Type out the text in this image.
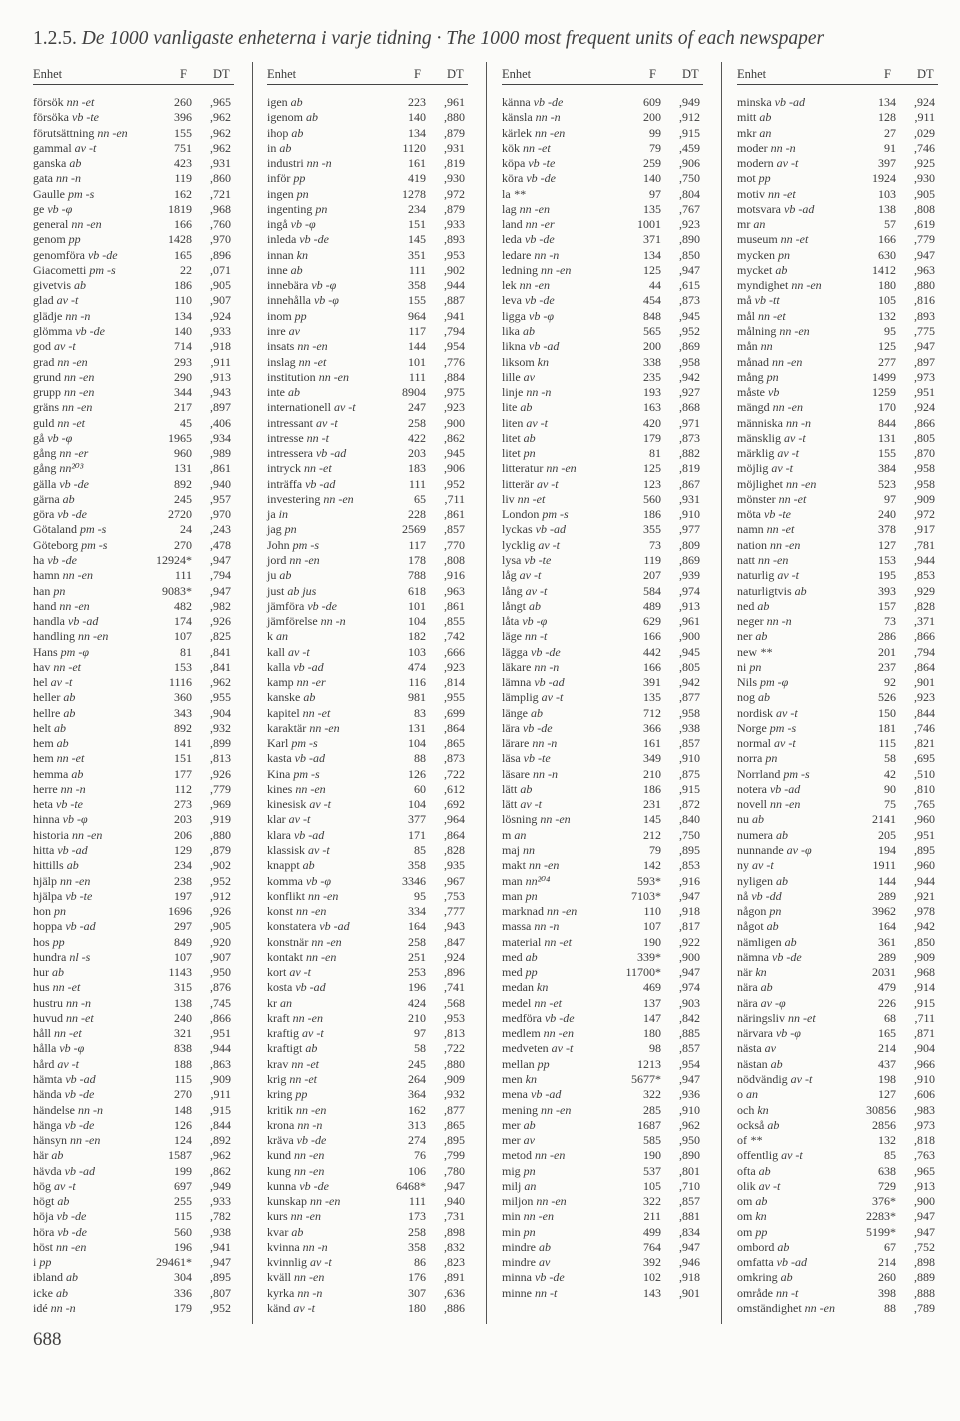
1.2.5. De 1000 vanligaste enheterna i varje tidning · The 1000 most frequent units of each newspaper
Enhet	F DT
försök nn -et	260 ,965
försöka vb -te	396 ,962
förutsättning nn -en	155 ,962
gammal av -t	751 ,962
ganska ab	423 ,931
gata nn -n	119 ,860
Gaulle pm -s	162 ,721
ge vb -φ	1819 ,968
general nn -en	166 ,760
genom pp	1428 ,970
genomföra vb -de	165 ,896
Giacometti pm -s	22 ,071
givetvis ab	186 ,905
glad av -t	110 ,907
glädje nn -n	134 ,924
glömma vb -de	140 ,933
god av -t	714 ,918
grad nn -en	293 ,911
grund nn -en	290 ,913
grupp nn -en	344 ,943
gräns nn -en	217 ,897
guld nn -et	45 ,406
gå vb -φ	1965 ,934
gång nn -er	960 ,989
gång nn²⁰³	131 ,861
gälla vb -de	892 ,940
gärna ab	245 ,957
göra vb -de	2720 ,970
Götaland pm -s	24 ,243
Göteborg pm -s	270 ,478
ha vb -de	12924* ,947
hamn nn -en	111 ,794
han pn	9083* ,947
hand nn -en	482 ,982
handla vb -ad	174 ,926
handling nn -en	107 ,825
Hans pm -φ	81 ,841
hav nn -et	153 ,841
hel av -t	1116 ,962
heller ab	360 ,955
hellre ab	343 ,904
helt ab	892 ,932
hem ab	141 ,899
hem nn -et	151 ,813
hemma ab	177 ,926
herre nn -n	112 ,779
heta vb -te	273 ,969
hinna vb -φ	203 ,919
historia nn -en	206 ,880
hitta vb -ad	129 ,879
hittills ab	234 ,902
hjälp nn -en	238 ,952
hjälpa vb -te	197 ,912
hon pn	1696 ,926
hoppa vb -ad	297 ,905
hos pp	849 ,920
hundra nl -s	107 ,907
hur ab	1143 ,950
hus nn -et	315 ,876
hustru nn -n	138 ,745
huvud nn -et	240 ,866
håll nn -et	321 ,951
hålla vb -φ	838 ,944
hård av -t	188 ,863
hämta vb -ad	115 ,909
hända vb -de	270 ,911
händelse nn -n	148 ,915
hänga vb -de	126 ,844
hänsyn nn -en	124 ,892
här ab	1587 ,962
hävda vb -ad	199 ,862
hög av -t	697 ,949
högt ab	255 ,933
höja vb -de	115 ,782
höra vb -de	560 ,938
höst nn -en	196 ,941
i pp	29461* ,947
ibland ab	304 ,895
icke ab	336 ,807
idé nn -n	179 ,952
Enhet	F DT
igen ab	223 ,961
igenom ab	140 ,880
ihop ab	134 ,879
in ab	1120 ,931
industri nn -n	161 ,819
inför pp	419 ,930
ingen pn	1278 ,972
ingenting pn	234 ,879
ingå vb -φ	151 ,933
inleda vb -de	145 ,893
innan kn	351 ,953
inne ab	111 ,902
innebära vb -φ	358 ,944
innehålla vb -φ	155 ,887
inom pp	964 ,941
inre av	117 ,794
insats nn -en	144 ,954
inslag nn -et	101 ,776
institution nn -en	111 ,884
inte ab	8904 ,975
internationell av -t	247 ,923
intressant av -t	258 ,900
intresse nn -t	422 ,862
intressera vb -ad	203 ,945
intryck nn -et	183 ,906
inträffa vb -ad	111 ,952
investering nn -en	65 ,711
ja in	228 ,861
jag pn	2569 ,857
John pm -s	117 ,770
jord nn -en	178 ,808
ju ab	788 ,916
just ab jus	618 ,963
jämföra vb -de	101 ,861
jämförelse nn -n	104 ,855
k an	182 ,742
kall av -t	103 ,666
kalla vb -ad	474 ,923
kamp nn -er	116 ,814
kanske ab	981 ,955
kapitel nn -et	83 ,699
karaktär nn -en	131 ,864
Karl pm -s	104 ,865
kasta vb -ad	88 ,873
Kina pm -s	126 ,722
kines nn -en	60 ,612
kinesisk av -t	104 ,692
klar av -t	377 ,964
klara vb -ad	171 ,864
klassisk av -t	85 ,828
knappt ab	358 ,935
komma vb -φ	3346 ,967
konflikt nn -en	95 ,753
konst nn -en	334 ,777
konstatera vb -ad	164 ,943
konstnär nn -en	258 ,847
kontakt nn -en	251 ,924
kort av -t	253 ,896
kosta vb -ad	196 ,741
kr an	424 ,568
kraft nn -en	210 ,953
kraftig av -t	97 ,813
kraftigt ab	58 ,722
krav nn -et	245 ,880
krig nn -et	264 ,909
kring pp	364 ,932
kritik nn -en	162 ,877
krona nn -n	313 ,865
kräva vb -de	274 ,895
kund nn -en	76 ,799
kung nn -en	106 ,780
kunna vb -de	6468* ,947
kunskap nn -en	111 ,940
kurs nn -en	173 ,731
kvar ab	258 ,898
kvinna nn -n	358 ,832
kvinnlig av -t	86 ,823
kväll nn -en	176 ,891
kyrka nn -n	307 ,636
känd av -t	180 ,886
Enhet	F DT
känna vb -de	609 ,949
känsla nn -n	200 ,912
kärlek nn -en	99 ,915
kök nn -et	79 ,459
köpa vb -te	259 ,906
köra vb -de	140 ,750
la **	97 ,804
lag nn -en	135 ,767
land nn -er	1001 ,923
leda vb -de	371 ,890
ledare nn -n	134 ,850
ledning nn -en	125 ,947
lek nn -en	44 ,615
leva vb -de	454 ,873
ligga vb -φ	848 ,945
lika ab	565 ,952
likna vb -ad	200 ,869
liksom kn	338 ,958
lille av	235 ,942
linje nn -n	193 ,927
lite ab	163 ,868
liten av -t	420 ,971
litet ab	179 ,873
litet pn	81 ,882
litteratur nn -en	125 ,819
litterär av -t	123 ,867
liv nn -et	560 ,931
London pm -s	186 ,910
lyckas vb -ad	355 ,977
lycklig av -t	73 ,809
lysa vb -te	119 ,869
låg av -t	207 ,939
lång av -t	584 ,974
långt ab	489 ,913
låta vb -φ	629 ,961
läge nn -t	166 ,900
lägga vb -de	442 ,945
läkare nn -n	166 ,805
lämna vb -ad	391 ,942
lämplig av -t	135 ,877
länge ab	712 ,958
lära vb -de	366 ,938
lärare nn -n	161 ,857
läsa vb -te	349 ,910
läsare nn -n	210 ,875
lätt ab	186 ,915
lätt av -t	231 ,872
lösning nn -en	145 ,840
m an	212 ,750
maj nn	79 ,895
makt nn -en	142 ,853
man nn²⁰⁴	593* ,916
man pn	7103* ,947
marknad nn -en	110 ,918
massa nn -n	107 ,817
material nn -et	190 ,922
med ab	339* ,900
med pp	11700* ,947
medan kn	469 ,974
medel nn -et	137 ,903
medföra vb -de	147 ,842
medlem nn -en	180 ,885
medveten av -t	98 ,857
mellan pp	1213 ,954
men kn	5677* ,947
mena vb -ad	322 ,936
mening nn -en	285 ,910
mer ab	1687 ,962
mer av	585 ,950
metod nn -en	190 ,890
mig pn	537 ,801
milj an	105 ,710
miljon nn -en	322 ,857
min nn -en	211 ,881
min pn	499 ,834
mindre ab	764 ,947
mindre av	392 ,946
minna vb -de	102 ,918
minne nn -t	143 ,901
Enhet	F DT
minska vb -ad	134 ,924
mitt ab	128 ,911
mkr an	27 ,029
moder nn -n	91 ,746
modern av -t	397 ,925
mot pp	1924 ,930
motiv nn -et	103 ,905
motsvara vb -ad	138 ,808
mr an	57 ,619
museum nn -et	166 ,779
mycken pn	630 ,947
mycket ab	1412 ,963
myndighet nn -en	180 ,880
må vb -tt	105 ,816
mål nn -et	132 ,893
målning nn -en	95 ,775
mån nn	125 ,947
månad nn -en	277 ,897
mång pn	1499 ,973
måste vb	1259 ,951
mängd nn -en	170 ,924
människa nn -n	844 ,866
mänsklig av -t	131 ,805
märklig av -t	155 ,870
möjlig av -t	384 ,958
möjlighet nn -en	523 ,958
mönster nn -et	97 ,909
möta vb -te	240 ,972
namn nn -et	378 ,917
nation nn -en	127 ,781
natt nn -en	153 ,944
naturlig av -t	195 ,853
naturligtvis ab	393 ,929
ned ab	157 ,828
neger nn -n	73 ,371
ner ab	286 ,866
new **	201 ,794
ni pn	237 ,864
Nils pm -φ	92 ,901
nog ab	526 ,923
nordisk av -t	150 ,844
Norge pm -s	181 ,746
normal av -t	115 ,821
norra pn	58 ,695
Norrland pm -s	42 ,510
notera vb -ad	90 ,810
novell nn -en	75 ,765
nu ab	2141 ,960
numera ab	205 ,951
nunnande av -φ	194 ,895
ny av -t	1911 ,960
nyligen ab	144 ,944
nå vb -dd	289 ,921
någon pn	3962 ,978
något ab	164 ,942
nämligen ab	361 ,850
nämna vb -de	289 ,909
när kn	2031 ,968
nära ab	479 ,914
nära av -φ	226 ,915
näringsliv nn -et	68 ,711
närvara vb -φ	165 ,871
nästa av	214 ,904
nästan ab	437 ,966
nödvändig av -t	198 ,910
o an	127 ,606
och kn	30856 ,983
också ab	2856 ,973
of **	132 ,818
offentlig av -t	85 ,763
ofta ab	638 ,965
olik av -t	729 ,913
om ab	376* ,900
om kn	2283* ,947
om pp	5199* ,947
ombord ab	67 ,752
omfatta vb -ad	214 ,898
omkring ab	260 ,889
område nn -t	398 ,888
omständighet nn -en	88 ,789
688
